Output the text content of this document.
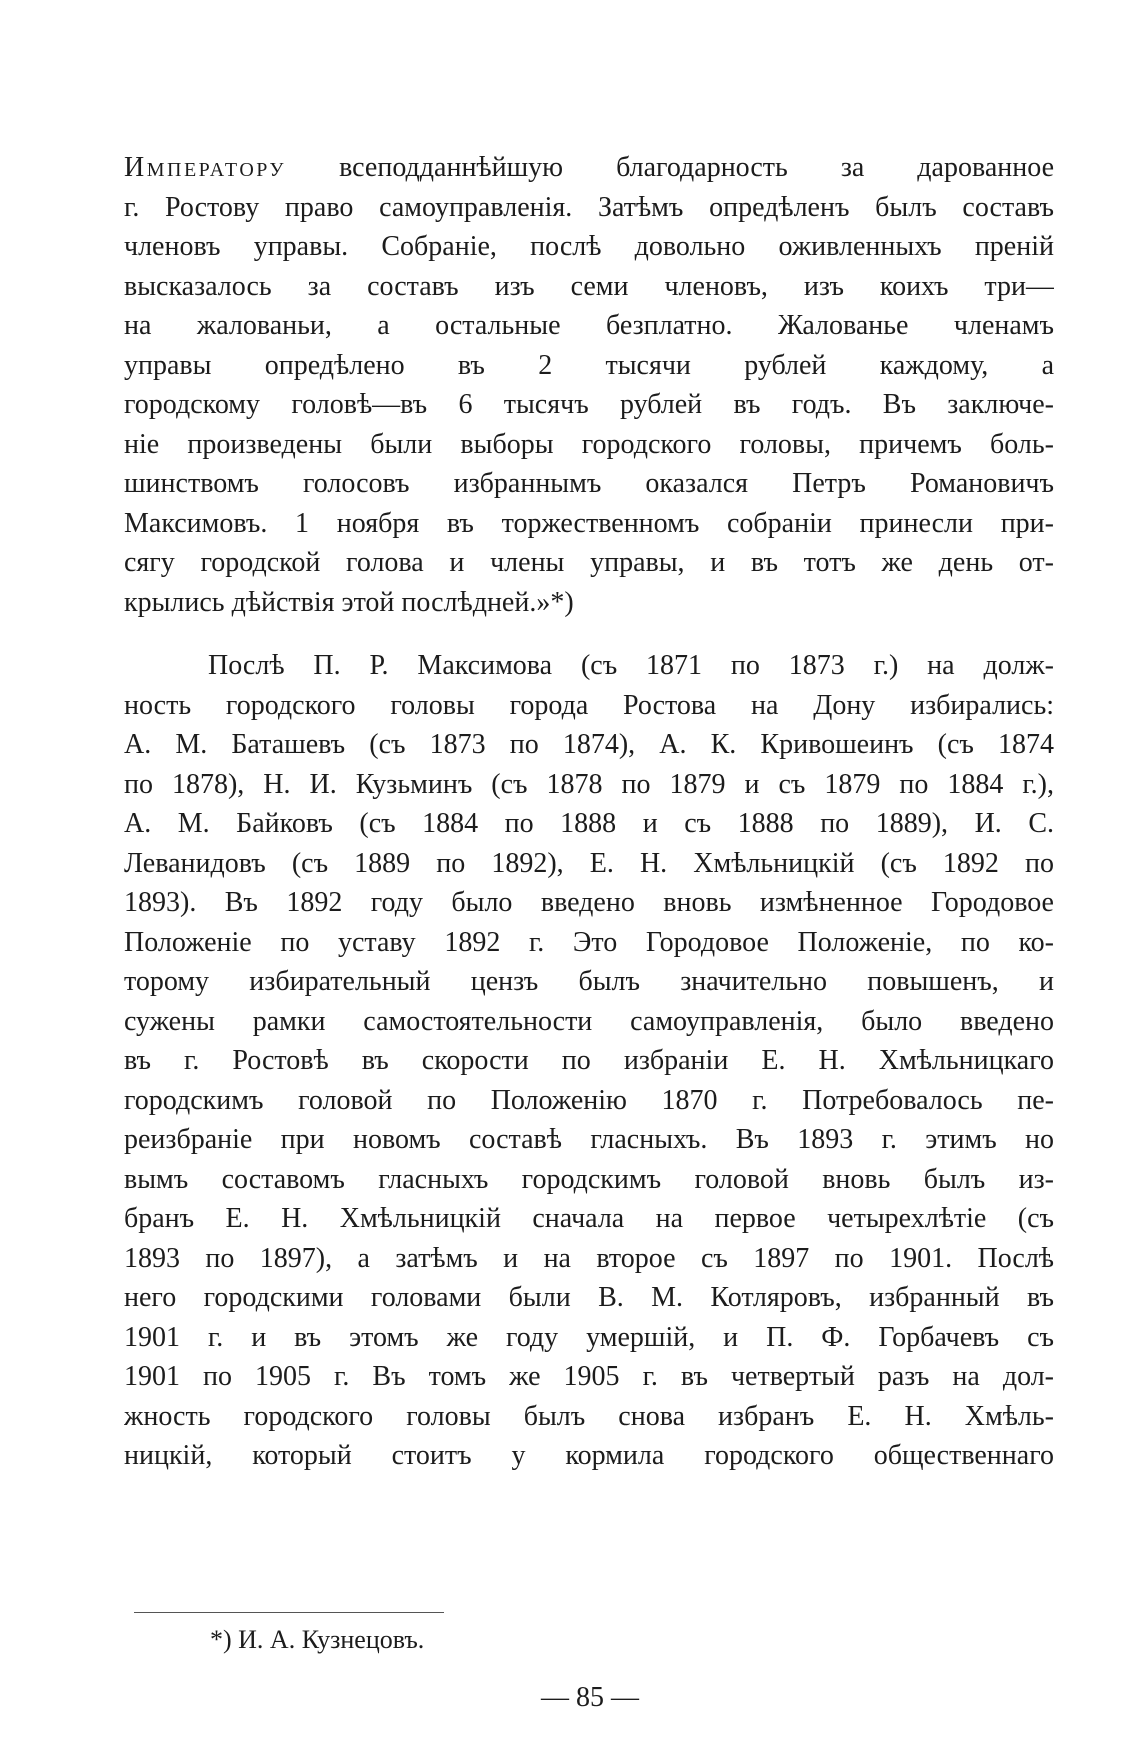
Императору всеподданнѣйшую благодарность за дарованное
г. Ростову право самоуправленія. Затѣмъ опредѣленъ былъ составъ
членовъ управы. Собраніе, послѣ довольно оживленныхъ преній
высказалось за составъ изъ семи членовъ, изъ коихъ три—
на жалованьи, а остальные безплатно. Жалованье членамъ
управы опредѣлено въ 2 тысячи рублей каждому, а
городскому головѣ—въ 6 тысячъ рублей въ годъ. Въ заключе-
ніе произведены были выборы городского головы, причемъ боль-
шинствомъ голосовъ избраннымъ оказался Петръ Романовичъ
Максимовъ. 1 ноября въ торжественномъ собраніи принесли при-
сягу городской голова и члены управы, и въ тотъ же день от-
крылись дѣйствія этой послѣдней.»*)
Послѣ П. Р. Максимова (съ 1871 по 1873 г.) на долж-
ность городского головы города Ростова на Дону избирались:
А. М. Баташевъ (съ 1873 по 1874), А. К. Кривошеинъ (съ 1874
по 1878), Н. И. Кузьминъ (съ 1878 по 1879 и съ 1879 по 1884 г.),
А. М. Байковъ (съ 1884 по 1888 и съ 1888 по 1889), И. С.
Леванидовъ (съ 1889 по 1892), Е. Н. Хмѣльницкій (съ 1892 по
1893). Въ 1892 году было введено вновь измѣненное Городовое
Положеніе по уставу 1892 г. Это Городовое Положеніе, по ко-
торому избирательный цензъ былъ значительно повышенъ, и
сужены рамки самостоятельности самоуправленія, было введено
въ г. Ростовѣ въ скорости по избраніи Е. Н. Хмѣльницкаго
городскимъ головой по Положенію 1870 г. Потребовалось пе-
реизбраніе при новомъ составѣ гласныхъ. Въ 1893 г. этимъ но
вымъ составомъ гласныхъ городскимъ головой вновь былъ из-
бранъ Е. Н. Хмѣльницкій сначала на первое четырехлѣтіе (съ
1893 по 1897), а затѣмъ и на второе съ 1897 по 1901. Послѣ
него городскими головами были В. М. Котляровъ, избранный въ
1901 г. и въ этомъ же году умершій, и П. Ф. Горбачевъ съ
1901 по 1905 г. Въ томъ же 1905 г. въ четвертый разъ на дол-
жность городского головы былъ снова избранъ Е. Н. Хмѣль-
ницкій, который стоитъ у кормила городского общественнаго
*) И. А. Кузнецовъ.
— 85 —
